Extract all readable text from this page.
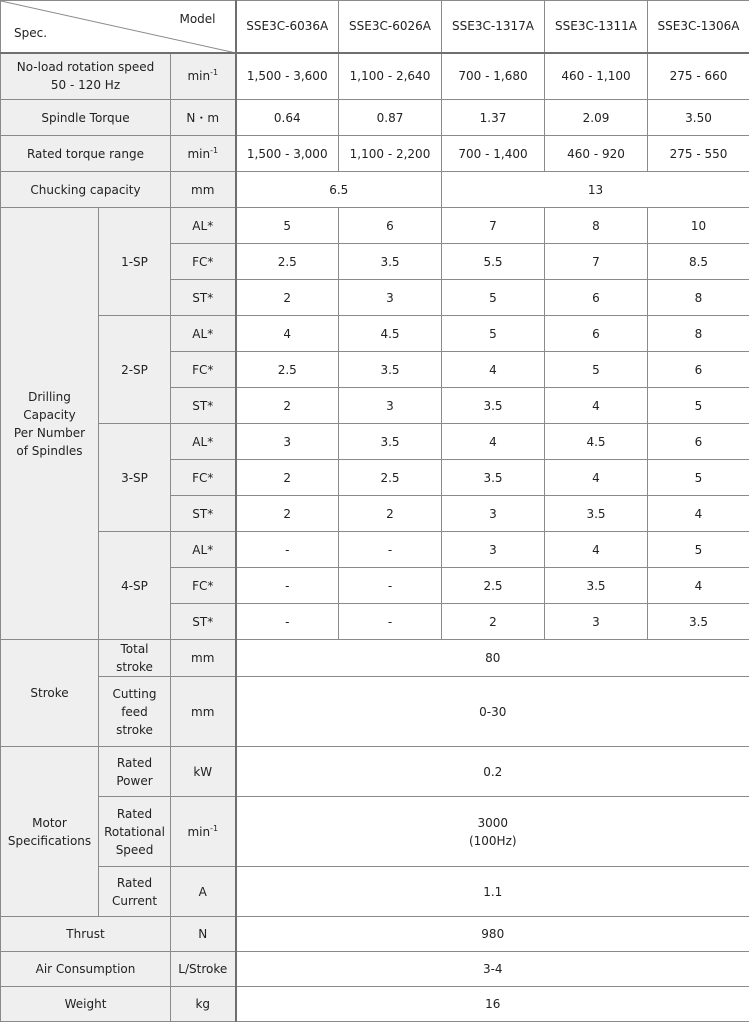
Model
Spec.			SSE3C-6036A	SSE3C-6026A	SSE3C-1317A	SSE3C-1311A	SSE3C-1306A
No-load rotation speed
50 - 120 Hz		$\min^{-1}$	1,500 - 3,600	1,100 - 2,640	700 - 1,680	460 - 1,100	275 - 660
Spindle Torque		N・m	0.64	0.87	1.37	2.09	3.50
Rated torque range		$\min^{-1}$	1,500 - 3,000	1,100 - 2,200	700 - 1,400	460 - 920	275 - 550
Chucking capacity		mm	6.5		13		
Drilling
Capacity
Per Number
of Spindles	1-SP	AL*	5	6	7	8	10
		FC*	2.5	3.5	5.5	7	8.5
		ST*	2	3	5	6	8
	2-SP	AL*	4	4.5	5	6	8
		FC*	2.5	3.5	4	5	6
		ST*	2	3	3.5	4	5
	3-SP	AL*	3	3.5	4	4.5	6
		FC*	2	2.5	3.5	4	5
		ST*	2	2	3	3.5	4
	4-SP	AL*	-	-	3	4	5
		FC*	-	-	2.5	3.5	4
		ST*	-	-	2	3	3.5
Stroke	Total stroke	mm	80				
	Cutting
feed
stroke	mm	0-30				
Motor
Specifications	Rated
Power	kW	0.2				
	Rated
Rotational
Speed	$\min^{-1}$	3000
(100Hz)				
	Rated
Current	A	1.1				
Thrust		N	980				
Air Consumption		L/Stroke	3-4				
Weight		kg	16				
